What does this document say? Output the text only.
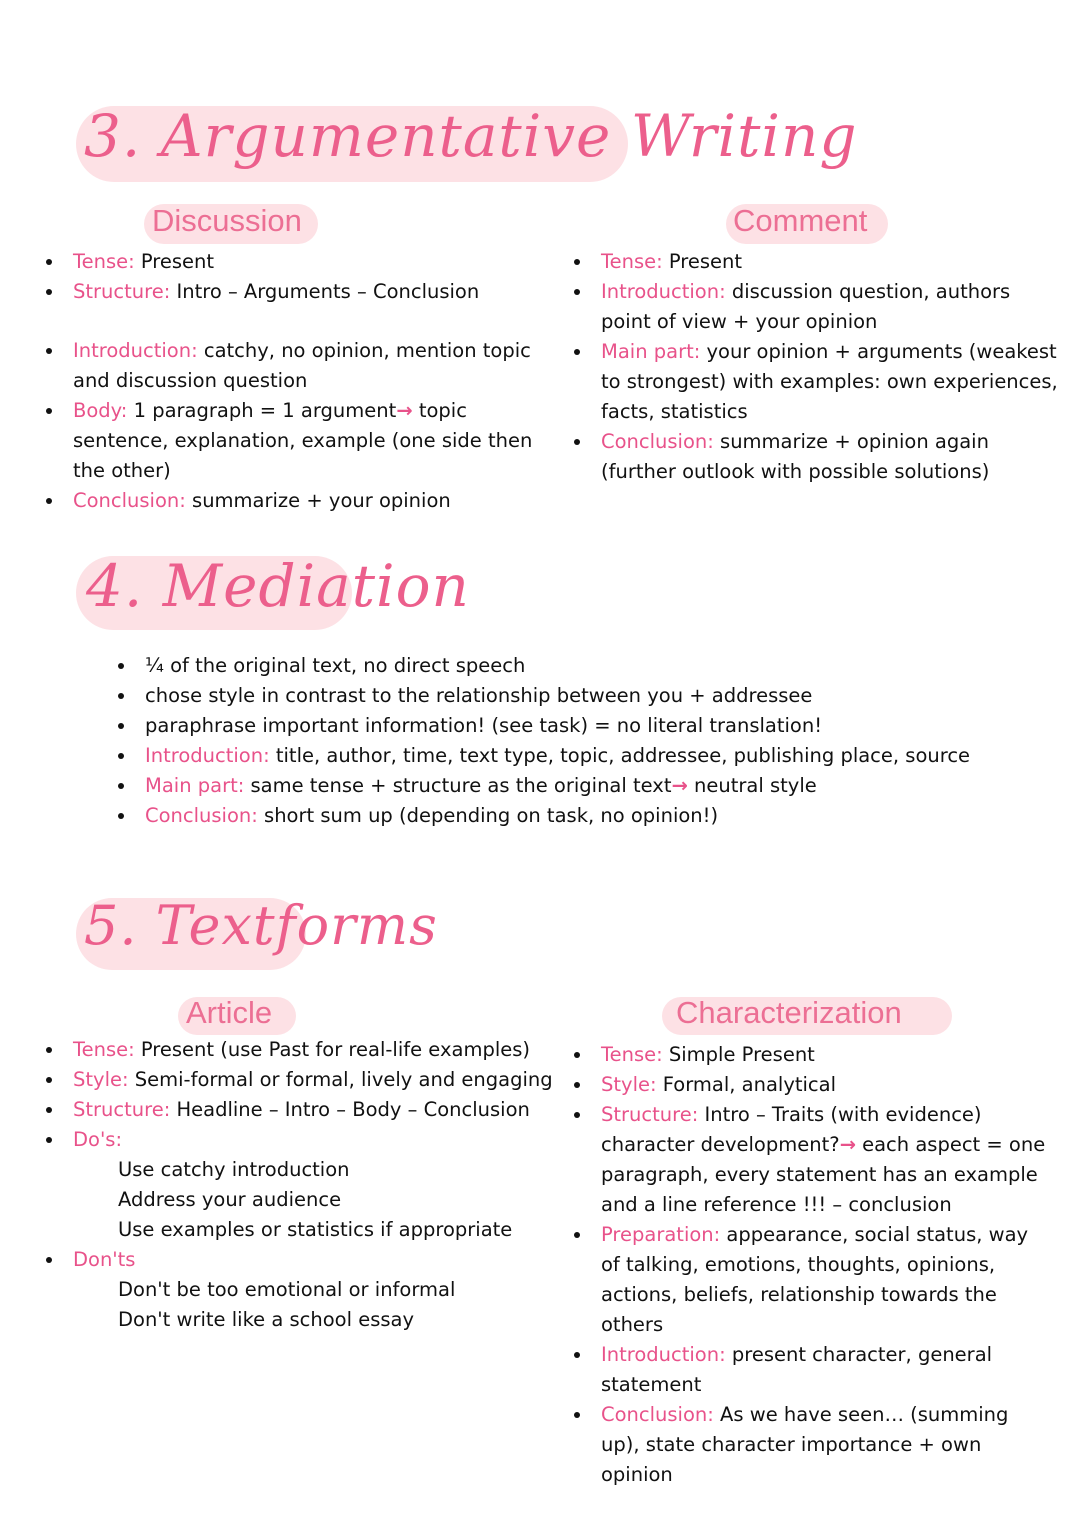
3. Argumentative Writing
Discussion	Comment
Tense: Present
Structure: Intro – Arguments – Conclusion
Introduction: catchy, no opinion, mention topic and discussion question
Body: 1 paragraph = 1 argument→ topic sentence, explanation, example (one side then the other)
Conclusion: summarize + your opinion
Tense: Present
Introduction: discussion question, authors point of view + your opinion
Main part: your opinion + arguments (weakest to strongest) with examples: own experiences, facts, statistics
Conclusion: summarize + opinion again (further outlook with possible solutions)
4. Mediation
¼ of the original text, no direct speech
chose style in contrast to the relationship between you + addressee
paraphrase important information! (see task) = no literal translation!
Introduction: title, author, time, text type, topic, addressee, publishing place, source
Main part: same tense + structure as the original text→ neutral style
Conclusion: short sum up (depending on task, no opinion!)
5. Textforms
Article	Characterization
Tense: Present (use Past for real-life examples)
Style: Semi-formal or formal, lively and engaging
Structure: Headline – Intro – Body – Conclusion
Do's:
Use catchy introduction
Address your audience
Use examples or statistics if appropriate
Don'ts
Don't be too emotional or informal
Don't write like a school essay
Tense: Simple Present
Style: Formal, analytical
Structure: Intro – Traits (with evidence) character development?→ each aspect = one paragraph, every statement has an example and a line reference !!! – conclusion
Preparation: appearance, social status, way of talking, emotions, thoughts, opinions, actions, beliefs, relationship towards the others
Introduction: present character, general statement
Conclusion: As we have seen… (summing up), state character importance + own opinion
